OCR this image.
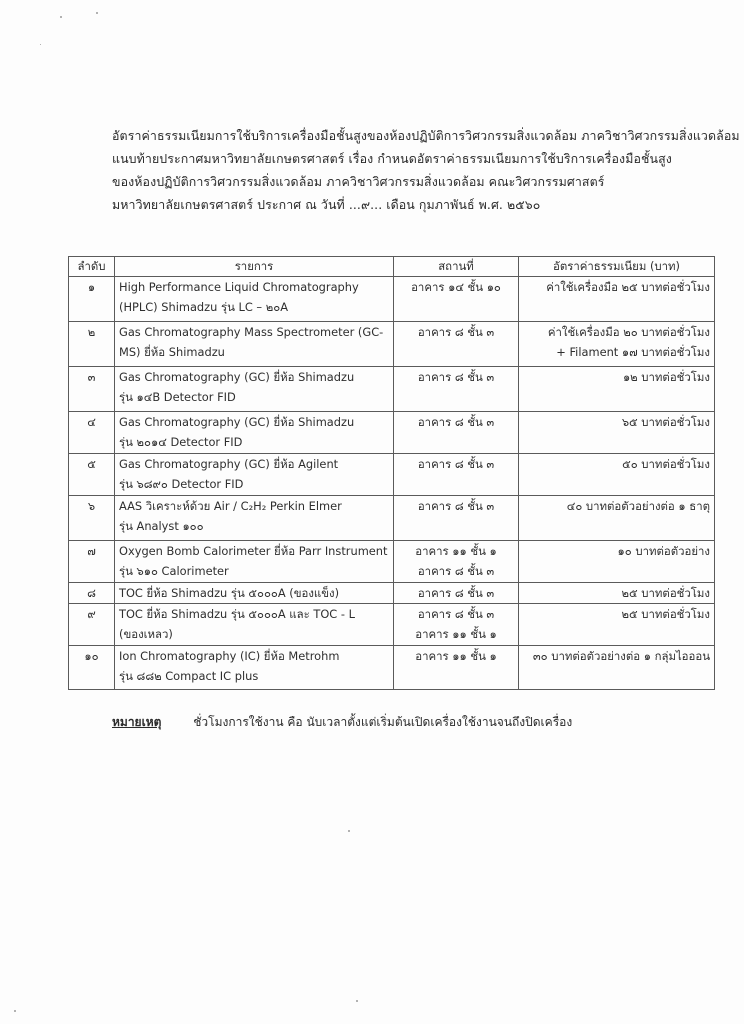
อัตราค่าธรรมเนียมการใช้บริการเครื่องมือชั้นสูงของห้องปฏิบัติการวิศวกรรมสิ่งแวดล้อม ภาควิชาวิศวกรรมสิ่งแวดล้อม
แนบท้ายประกาศมหาวิทยาลัยเกษตรศาสตร์ เรื่อง กำหนดอัตราค่าธรรมเนียมการใช้บริการเครื่องมือชั้นสูง
ของห้องปฏิบัติการวิศวกรรมสิ่งแวดล้อม ภาควิชาวิศวกรรมสิ่งแวดล้อม คณะวิศวกรรมศาสตร์
มหาวิทยาลัยเกษตรศาสตร์ ประกาศ ณ วันที่ ...๙... เดือน กุมภาพันธ์ พ.ศ. ๒๕๖๐
ลำดับ	รายการ	สถานที่	อัตราค่าธรรมเนียม (บาท)
๑	High Performance Liquid Chromatography
(HPLC) Shimadzu รุ่น LC – ๒๐A	อาคาร ๑๔ ชั้น ๑๐	ค่าใช้เครื่องมือ ๒๕ บาทต่อชั่วโมง

๒	Gas Chromatography Mass Spectrometer (GC-
MS) ยี่ห้อ Shimadzu	อาคาร ๘ ชั้น ๓	ค่าใช้เครื่องมือ ๒๐ บาทต่อชั่วโมง
+ Filament ๑๗ บาทต่อชั่วโมง

๓	Gas Chromatography (GC) ยี่ห้อ Shimadzu
รุ่น ๑๔B Detector FID	อาคาร ๘ ชั้น ๓	๑๒ บาทต่อชั่วโมง

๔	Gas Chromatography (GC) ยี่ห้อ Shimadzu
รุ่น ๒๐๑๔ Detector FID	อาคาร ๘ ชั้น ๓	๖๕ บาทต่อชั่วโมง

๕	Gas Chromatography (GC) ยี่ห้อ Agilent
รุ่น ๖๘๙๐ Detector FID	อาคาร ๘ ชั้น ๓	๕๐ บาทต่อชั่วโมง

๖	AAS วิเคราะห์ด้วย Air / C₂H₂ Perkin Elmer
รุ่น Analyst ๑๐๐	อาคาร ๘ ชั้น ๓	๔๐ บาทต่อตัวอย่างต่อ ๑ ธาตุ

๗	Oxygen Bomb Calorimeter ยี่ห้อ Parr Instrument
รุ่น ๖๑๐ Calorimeter	อาคาร ๑๑ ชั้น ๑
อาคาร ๘ ชั้น ๓	๑๐ บาทต่อตัวอย่าง

๘	TOC ยี่ห้อ Shimadzu รุ่น ๕๐๐๐A (ของแข็ง)	อาคาร ๘ ชั้น ๓	๒๕ บาทต่อชั่วโมง

๙	TOC ยี่ห้อ Shimadzu รุ่น ๕๐๐๐A และ TOC - L
(ของเหลว)	อาคาร ๘ ชั้น ๓
อาคาร ๑๑ ชั้น ๑	๒๕ บาทต่อชั่วโมง

๑๐	Ion Chromatography (IC) ยี่ห้อ Metrohm
รุ่น ๘๘๒ Compact IC plus	อาคาร ๑๑ ชั้น ๑	๓๐ บาทต่อตัวอย่างต่อ ๑ กลุ่มไอออน
หมายเหตุ	ชั่วโมงการใช้งาน คือ นับเวลาตั้งแต่เริ่มต้นเปิดเครื่องใช้งานจนถึงปิดเครื่อง
